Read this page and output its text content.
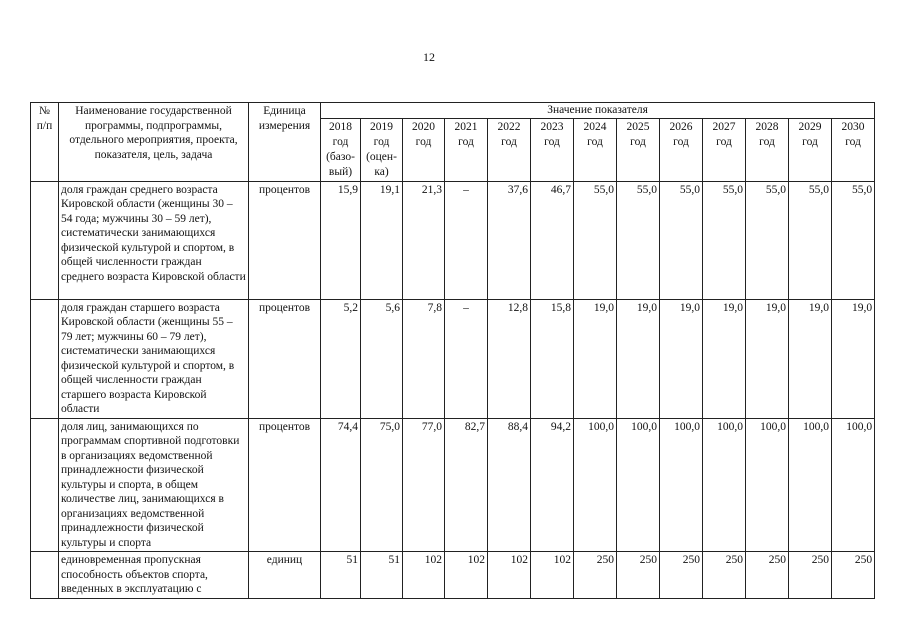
12
№ п/п	Наименование государственной программы, подпрограммы, отдельного мероприятия, проекта, показателя, цель, задача	Единица измерения	Значение показателя												
			2018 год (базо-вый)	2019 год (оцен-ка)	2020 год	2021 год	2022 год	2023 год	2024 год	2025 год	2026 год	2027 год	2028 год	2029 год	2030 год
	доля граждан среднего возраста Кировской области (женщины 30 – 54 года; мужчины 30 – 59 лет), систематически занимающихся физической культурой и спортом, в общей численности граждан среднего возраста Кировской области	процентов	15,9	19,1	21,3	–	37,6	46,7	55,0	55,0	55,0	55,0	55,0	55,0	55,0
	доля граждан старшего возраста Кировской области (женщины 55 – 79 лет; мужчины 60 – 79 лет), систематически занимающихся физической культурой и спортом, в общей численности граждан старшего возраста Кировской области	процентов	5,2	5,6	7,8	–	12,8	15,8	19,0	19,0	19,0	19,0	19,0	19,0	19,0
	доля лиц, занимающихся по программам спортивной подготовки в организациях ведомственной принадлежности физической культуры и спорта, в общем количестве лиц, занимающихся в организациях ведомственной принадлежности физической культуры и спорта	процентов	74,4	75,0	77,0	82,7	88,4	94,2	100,0	100,0	100,0	100,0	100,0	100,0	100,0
	единовременная пропускная способность объектов спорта, введенных в эксплуатацию с	единиц	51	51	102	102	102	102	250	250	250	250	250	250	250
